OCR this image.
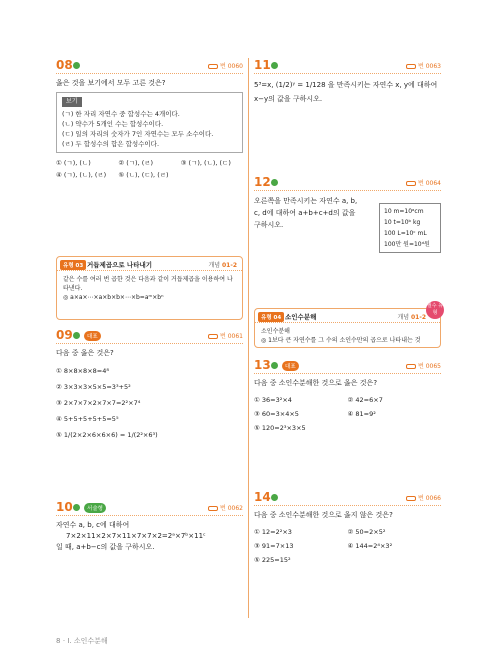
08	번 0060
옳은 것을 보기에서 모두 고른 것은?
보기
(ㄱ) 한 자리 자연수 중 합성수는 4개이다.
(ㄴ) 약수가 5개인 수는 합성수이다.
(ㄷ) 일의 자리의 숫자가 7인 자연수는 모두 소수이다.
(ㄹ) 두 합성수의 합은 합성수이다.
① (ㄱ), (ㄴ)	② (ㄱ), (ㄹ)	③ (ㄱ), (ㄴ), (ㄷ)
④ (ㄱ), (ㄴ), (ㄹ)	⑤ (ㄴ), (ㄷ), (ㄹ)
유형 03 거듭제곱으로 나타내기	개념 01-2
같은 수를 여러 번 곱한 것은 다음과 같이 거듭제곱을 이용하여 나타낸다.
◎ a×a×⋯×a×b×b×⋯×b=aᵐ×bⁿ
09	대표	번 0061
다음 중 옳은 것은?
① 8×8×8×8=4⁸
② 3×3×3×5×5=3³+5²
③ 2×7×7×2×7×7=2²×7⁴
④ 5+5+5+5+5=5⁵
⑤ 1/(2×2×6×6×6) = 1/(2²×6³)
10	서술형	번 0062
자연수 a, b, c에 대하여
7×2×11×2×7×11×7×7×2=2ᵃ×7ᵇ×11ᶜ
일 때, a+b−c의 값을 구하시오.
11	번 0063
5³=x, (1/2)ʸ = 1/128 을 만족시키는 자연수 x, y에 대하여 x−y의 값을 구하시오.
12	번 0064
오른쪽을 만족시키는 자연수 a, b, c, d에 대하여 a+b+c+d의 값을 구하시오.
10 m=10ᵃcm
10 t=10ᵇ kg
100 L=10ᶜ mL
100만 원=10ᵈ원
필수 유형
유형 04 소인수분해	개념 01-2
소인수분해
◎ 1보다 큰 자연수를 그 수의 소인수만의 곱으로 나타내는 것
13	대표	번 0065
다음 중 소인수분해한 것으로 옳은 것은?
① 36=3²×4	② 42=6×7
③ 60=3×4×5	④ 81=9²
⑤ 120=2³×3×5
14	번 0066
다음 중 소인수분해한 것으로 옳지 않은 것은?
① 12=2²×3	② 50=2×5²
③ 91=7×13	④ 144=2⁴×3²
⑤ 225=15²
8 · I. 소인수분해
